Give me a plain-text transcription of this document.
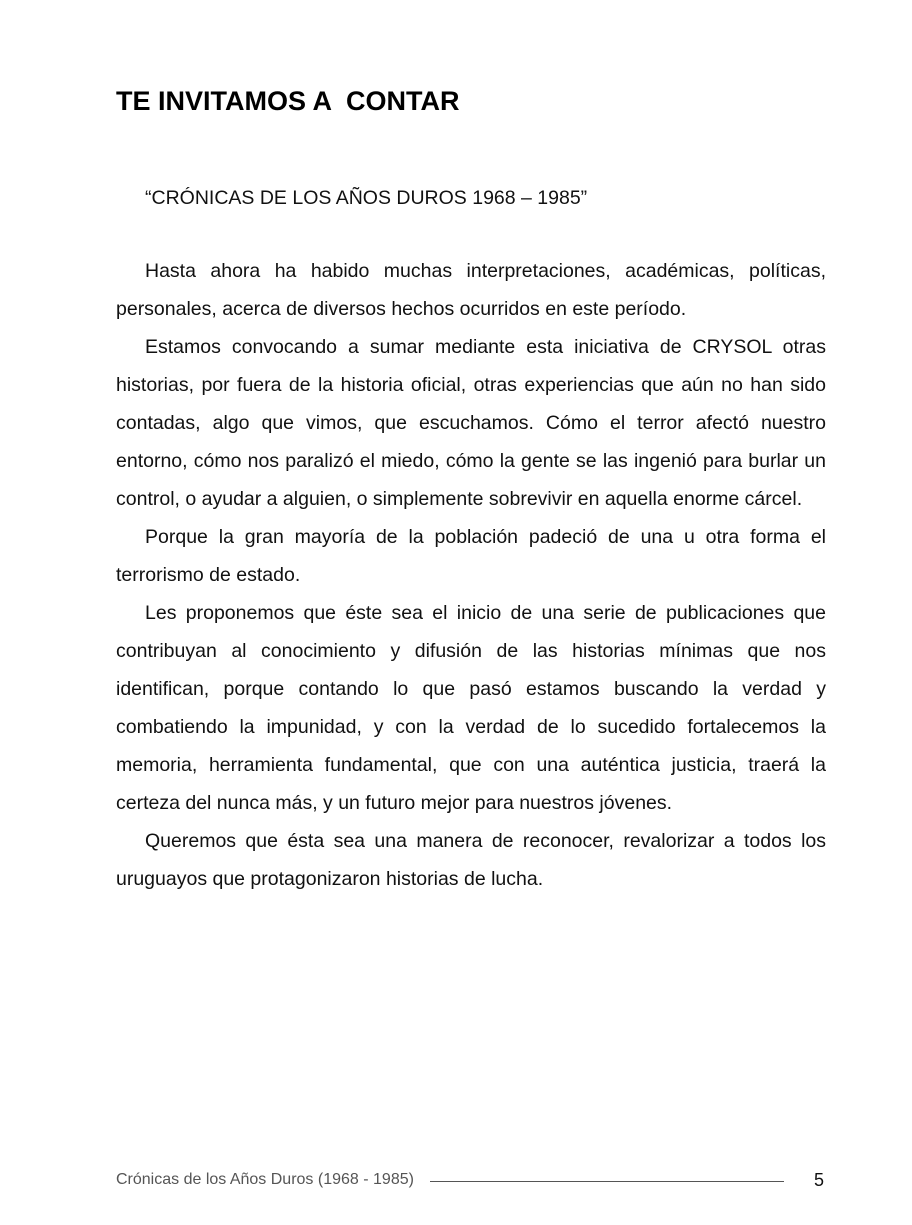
TE INVITAMOS A  CONTAR

“CRÓNICAS DE LOS AÑOS DUROS 1968 – 1985”

Hasta ahora ha habido muchas interpretaciones, académicas, políticas, personales, acerca de diversos hechos ocurridos en este período.

Estamos convocando a sumar mediante esta iniciativa de CRYSOL otras historias, por fuera de la historia oficial, otras experiencias que aún no han sido contadas, algo que vimos, que escuchamos. Cómo el terror afectó nuestro entorno, cómo nos paralizó el miedo, cómo la gente se las ingenió para burlar un control, o ayudar a alguien, o simplemente sobrevivir en aquella enorme cárcel.

Porque la gran mayoría de la población padeció de una u otra forma el terrorismo de estado.

Les proponemos que éste sea el inicio de una serie de publicaciones que contribuyan al conocimiento y difusión de las historias mínimas que nos identifican, porque contando lo que pasó estamos buscando la verdad y combatiendo la impunidad, y con la verdad de lo sucedido fortalecemos la memoria, herramienta fundamental, que con una auténtica justicia, traerá la certeza del nunca más, y un futuro mejor para nuestros jóvenes.

Queremos que ésta sea una manera de reconocer, revalorizar a todos los uruguayos que protagonizaron historias de lucha.

Crónicas de los Años Duros (1968 - 1985)	5
